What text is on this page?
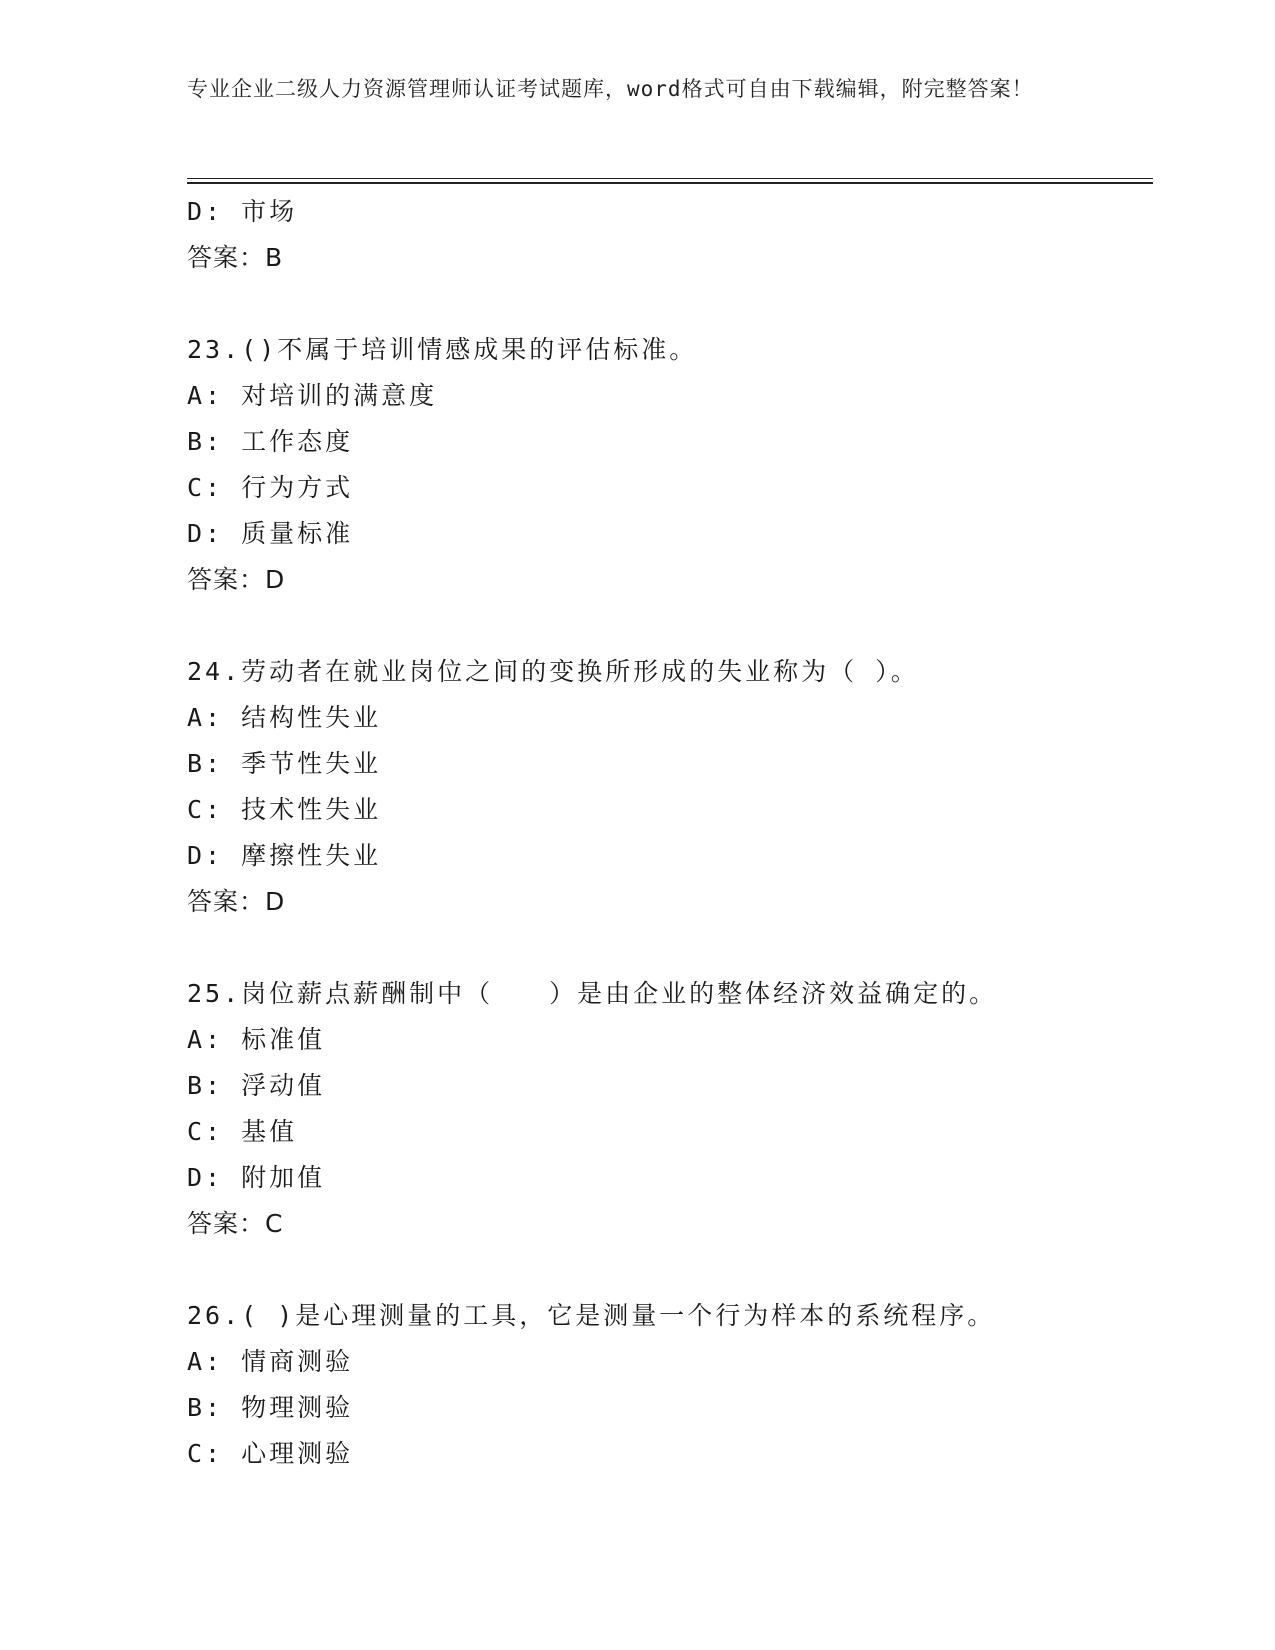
专业企业二级人力资源管理师认证考试题库，word格式可自由下载编辑，附完整答案！
D: 市场
答案：B
23.()不属于培训情感成果的评估标准。
A: 对培训的满意度
B: 工作态度
C: 行为方式
D: 质量标准
答案：D
24.劳动者在就业岗位之间的变换所形成的失业称为（ ）。
A: 结构性失业
B: 季节性失业
C: 技术性失业
D: 摩擦性失业
答案：D
25.岗位薪点薪酬制中（　　）是由企业的整体经济效益确定的。
A: 标准值
B: 浮动值
C: 基值
D: 附加值
答案：C
26.( )是心理测量的工具，它是测量一个行为样本的系统程序。
A: 情商测验
B: 物理测验
C: 心理测验
